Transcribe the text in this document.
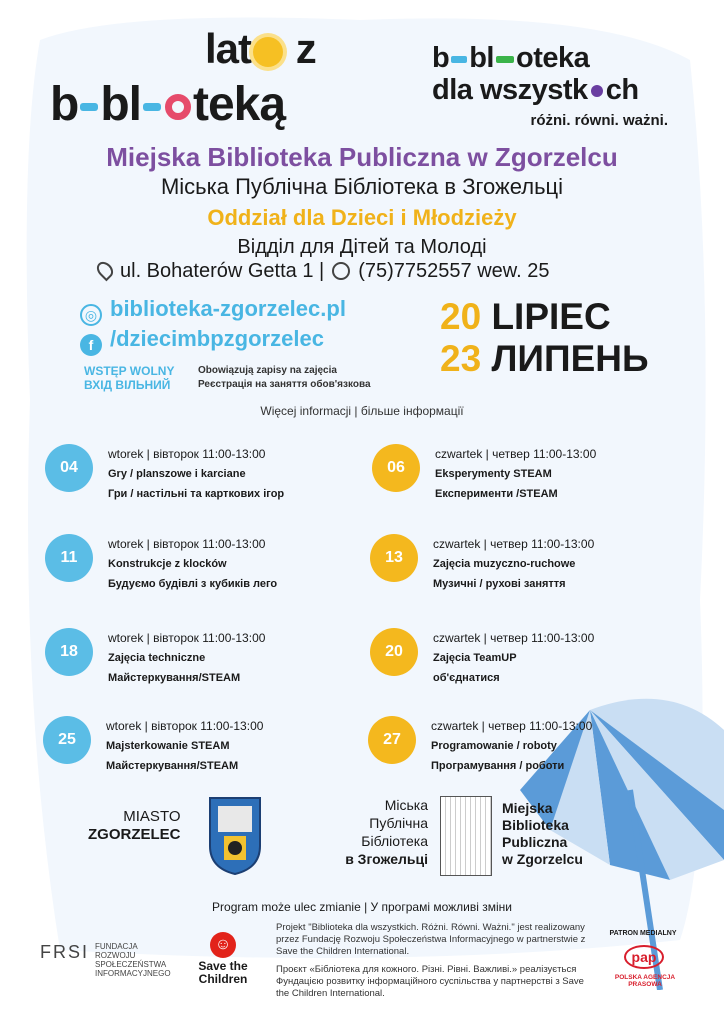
lat z
b bl teką
b bl oteka
dla wszystk ch
różni. równi. ważni.
Miejska Biblioteka Publiczna w Zgorzelcu
Міська Публічна Бібліотека в Згожельці
Oddział dla Dzieci i Młodzieży
Відділ для Дітей та Молоді
ul. Bohaterów Getta 1 | (75)7752557 wew. 25
◎ biblioteka-zgorzelec.pl
f /dziecimbpzgorzelec
20 LIPIEC
23 ЛИПЕНЬ
WSTĘP WOLNY
ВХІД ВІЛЬНИЙ
Obowiązują zapisy na zajęcia
Реєстрація на заняття обов'язкова
Więcej informacji | більше інформації
04
wtorek | вівторок 11:00-13:00
Gry / planszowe i karciane
Гри / настільні та карткових ігор
11
wtorek | вівторок 11:00-13:00
Konstrukcje z klocków
Будуємо будівлі з кубиків лего
18
wtorek | вівторок 11:00-13:00
Zajęcia techniczne
Майстеркування/STEAM
25
wtorek | вівторок 11:00-13:00
Majsterkowanie STEAM
Майстеркування/STEAM
06
czwartek | четвер 11:00-13:00
Eksperymenty STEAM
Експерименти /STEAM
13
czwartek | четвер 11:00-13:00
Zajęcia muzyczno-ruchowe
Музичні / рухові заняття
20
czwartek | четвер 11:00-13:00
Zajęcia TeamUP
об'єднатися
27
czwartek | четвер 11:00-13:00
Programowanie / roboty
Програмування / роботи
MIASTO
ZGORZELEC
Міська
Публічна
Бібліотека
в Згожельці
Miejska
Biblioteka
Publiczna
w Zgorzelcu
Program może ulec zmianie | У програмі можливі зміни
FRSI FUNDACJA
ROZWOJU
SPOŁECZEŃSTWA
INFORMACYJNEGO
☺
Save the
Children
Projekt "Biblioteka dla wszystkich. Różni. Równi. Ważni." jest realizowany przez Fundację Rozwoju Społeczeństwa Informacyjnego w partnerstwie z Save the Children International.
Проєкт «Бібліотека для кожного. Різні. Рівні. Важливі.» реалізується Фундацією розвитку інформаційного суспільства у партнерстві з Save the Children International.
PATRON MEDIALNY
pap
POLSKA AGENCJA PRASOWA
